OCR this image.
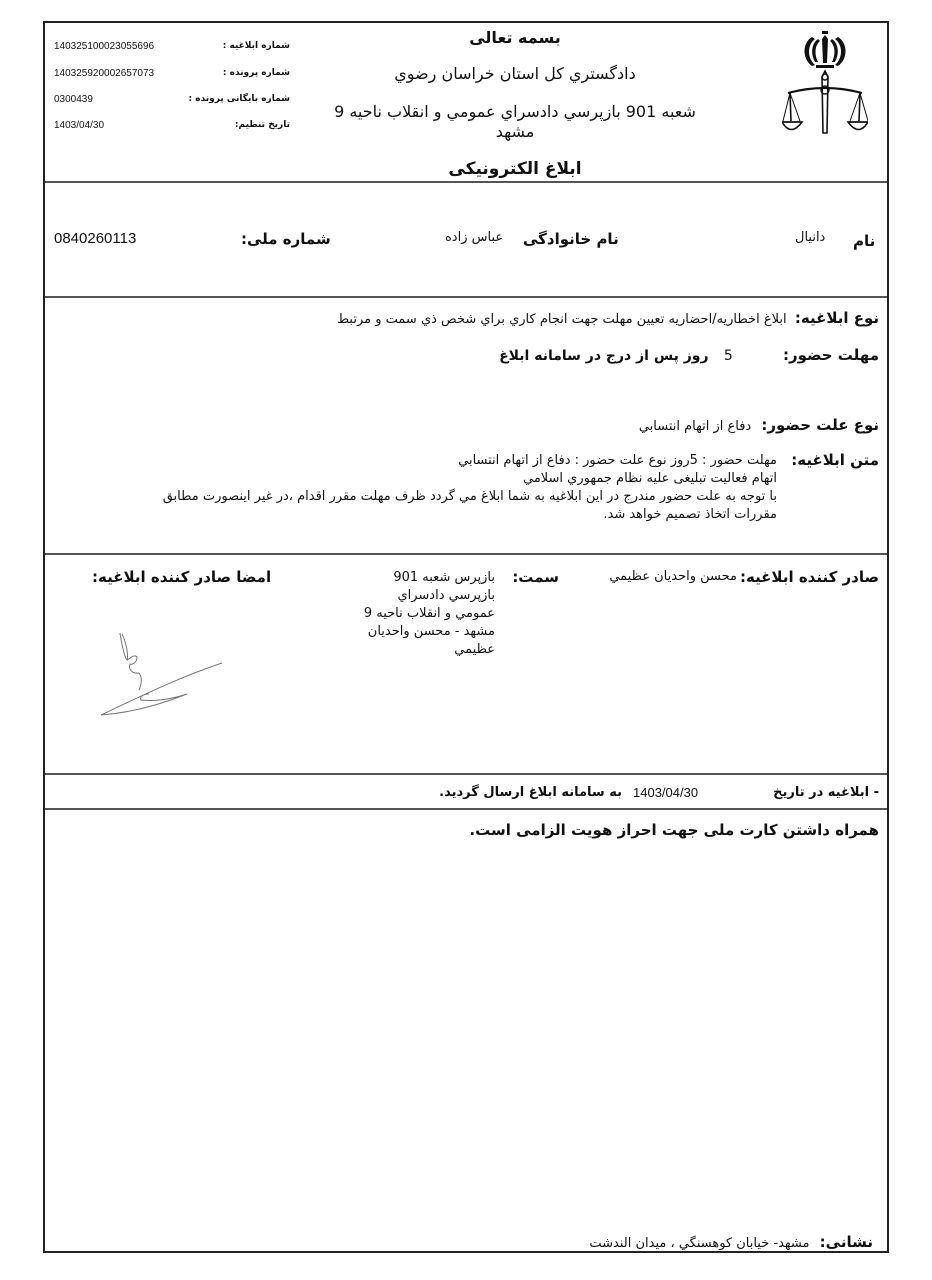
140325100023055696	شماره ابلاغیه :
140325920002657073	شماره پرونده :
0300439	شماره بایگانی پرونده :
1403/04/30	تاریخ تنظیم:
بسمه تعالی
دادگستري کل استان خراسان رضوي
شعبه 901 بازپرسي دادسراي عمومي و انقلاب ناحيه 9
مشهد
ابلاغ الکترونیکی
0840260113	شماره ملی:	عباس زاده نام خانوادگی	دانیال نام
نوع ابلاغیه:  ابلاغ اخطاريه/احضاريه تعيين مهلت جهت انجام کاري براي شخص ذي سمت و مرتبط
مهلت حضور:  5   روز پس از درج در سامانه ابلاغ
نوع علت حضور:  دفاع از اتهام انتسابي
متن ابلاغیه:
مهلت حضور : 5روز نوع علت حضور : دفاع از اتهام انتسابي
اتهام فعاليت تبليغی عليه نظام جمهوري اسلامي
با توجه به علت حضور مندرج در اين ابلاغيه به شما ابلاغ مي گردد ظرف مهلت مقرر اقدام ،در غير اينصورت مطابق
مقررات اتخاذ تصميم خواهد شد.
صادر کننده ابلاغیه:
محسن واحديان عظيمي
سمت:
بازپرس شعبه 901
بازپرسي دادسراي
عمومي و انقلاب ناحيه 9
مشهد - محسن واحديان
عظيمي
امضا صادر کننده ابلاغیه:
- ابلاغیه در تاریخ
1403/04/30
به سامانه ابلاغ ارسال گردید.
همراه داشتن کارت ملی جهت احراز هویت الزامی است.
نشانی:  مشهد- خيابان کوهسنگي ، ميدان الندشت
